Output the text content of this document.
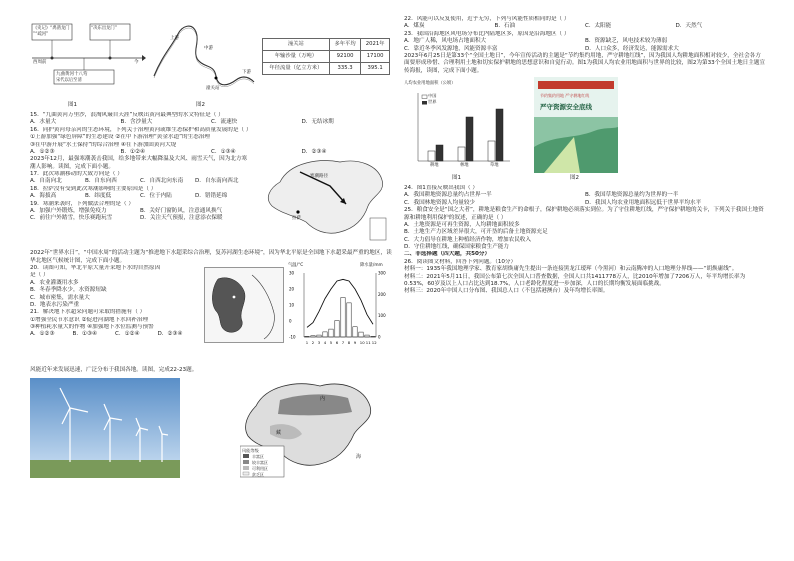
《史记》“禹凿龙门 ”“疏河”
“决东出龙门”
西周前	今
九曲黄河十八弯
宋代以后至清
图1
上游
中游
下游
潼关站
图2
潼关站	多年平均	2021年
年输沙量（万吨）	92100	17100
年径流量（亿立方米）	335.3	395.1
15．“九曲黄河万里沙，浪淘风簸自天涯”反映出黄河最典型的水文特征是（ ）
A．水量大	B．含沙量大	C．流速快	D．无结冰期
16．同护黄河母亲河的生态环境，下列关于治理黄河或维生态保护和高质量发展的是（ ）
①上游加强“绿色屏障”的生态建设 ②在中下游治理“黄金水道”的生态治理
③在中游开展“水土保持”的综合治理 ④在下游加固黄河大堤
A．①②③	B．①②④	C．①③④	D．②③④
2023年12月，最强寒潮袭击我国，给多地带来大幅降温及大风、雨雪天气，因为北方寒潮人影响。读图，完成下面小题。
17．此次寒潮移动的大致方向是（ ）
A．自南向北	B．自东向西	C．自西北向东南	D．自东南向西北
18．拉萨没有受到此次寒潮影响的主要原因是（ ）
A．海拔高	B．纬度低	C．位于内陆	D．错错延绵
19．寒潮来袭时，下列做法合理的是（ ）
A．加强户外锻炼，增强免疫力	B．关好门窗防风，注意通风换气
C．前往户外踏雪，快乐赛跑玩雪	D．关注天气预报，注意添衣保暖
寒潮路径
拉萨
2022年“世界水日”，“中国水周”的活动主题为“推进地下水超采综合治理，复苏河湖生态环境”，因为华北平原是全国地下水超采最严重的地区，读华北地区气候统计图，完成下面小题。
20．读图可知，华北平原大量开采地下水的自然原因
是（ ）
A．农业灌溉用水多
B．冬春季降水少，水资源短缺
C．城市密集，需水量大
D．地表水污染严重
21．解决地下水超采问题可采取的措施有（ ）
①增强全民节水意识 ②促进河湖地下水回补治理
③种植耗水量大的作物 ④加强地下水位监测与预警
A．①②③	B．①③④	C．①②④	D．②③④
30
20
10
0
-10
300
200
100
0
1 2 3 4 5 6 7 8 9 10 11 12
气温/°C	降水量/mm
风能近年来发展迅速，广泛分布于我国各地。读图，完成22-23题。
风能等级
丰富区
较丰富区
可利用区
贫乏区
内
藏
海
22．风能可以反复使用，近乎无穷，下列与风能性质相同的是（ ）
A．煤炭	B．石油	C．太阳能	D．天然气
23．我国沿海地区风电场分布比内陆地区多，原因是沿海地区（ ）
A．地广人稀，风电场占地面积大	B．资源缺乏，风电技术较为薄弱
C．靠近冬季风发源地，风能资源丰富	D．人口众多，经济发达，能源需求大
2023年6月25日是第33个“全国土地日”，今年宣传活动的主题是“节约集约用地，严守耕地红线”，因为我国人均耕地面积相对较少，全社会各方面要形成珍惜、合理利用土地和切实保护耕地的思想意识和自觉行动。图1为我国人均农业用地面积与世界的比较，图2为第33个全国土地日主题宣传海报，读图，完成下面小题。
人均农业用地面积（公顷）
中国
世界
耕地	林地	草地
图1
节约集约用地 严守耕地红线
严守资源安全底线
图2
24．图1直接反映出我国（ ）
A．我国耕地资源总量约占世界一半	B．我国草地资源总量约为世界的一半
C．我国林地资源人均量较少	D．我国人均农业用地面积远低于世界平均水平
25．粮食安全是“国之大者”，耕地是粮食生产的命根子，保护耕地必须落实到位。为了守住耕地红线，严守保护耕地的关卡，下列关于我国土地资源和耕地利用保护的叙述，正确的是（ ）
A．土地资源是可再生资源，人均耕地面积较多
B．土地生产力区域差异很大，可开垦的后备土地资源充足
C．大力倡导在耕地上种植经济作物，增加农民收入
D．守住耕地红线，确保国家粮食生产能力
二、非选择题（四大题，共50分）
26．阅读图文材料，回答下列问题。（10分）
材料一：1935年我国地理学家、教育家胡焕庸先生提出一条连接黑龙江瑷珲（今黑河）和云南腾冲的人口地理分界线——“胡焕庸线”。
材料二：2021年5月11日，我国公布第七次全国人口普查数据，全国人口共1411778万人，比2010年增加了7206万人，年平均增长率为0.53%，60岁及以上人口占比达到18.7%，人口老龄化程度进一步加深，人口的长期均衡发展面临挑战。
材料三：2020年中国人口分布图、我国总人口（不包括港澳台）及年均增长率图。
